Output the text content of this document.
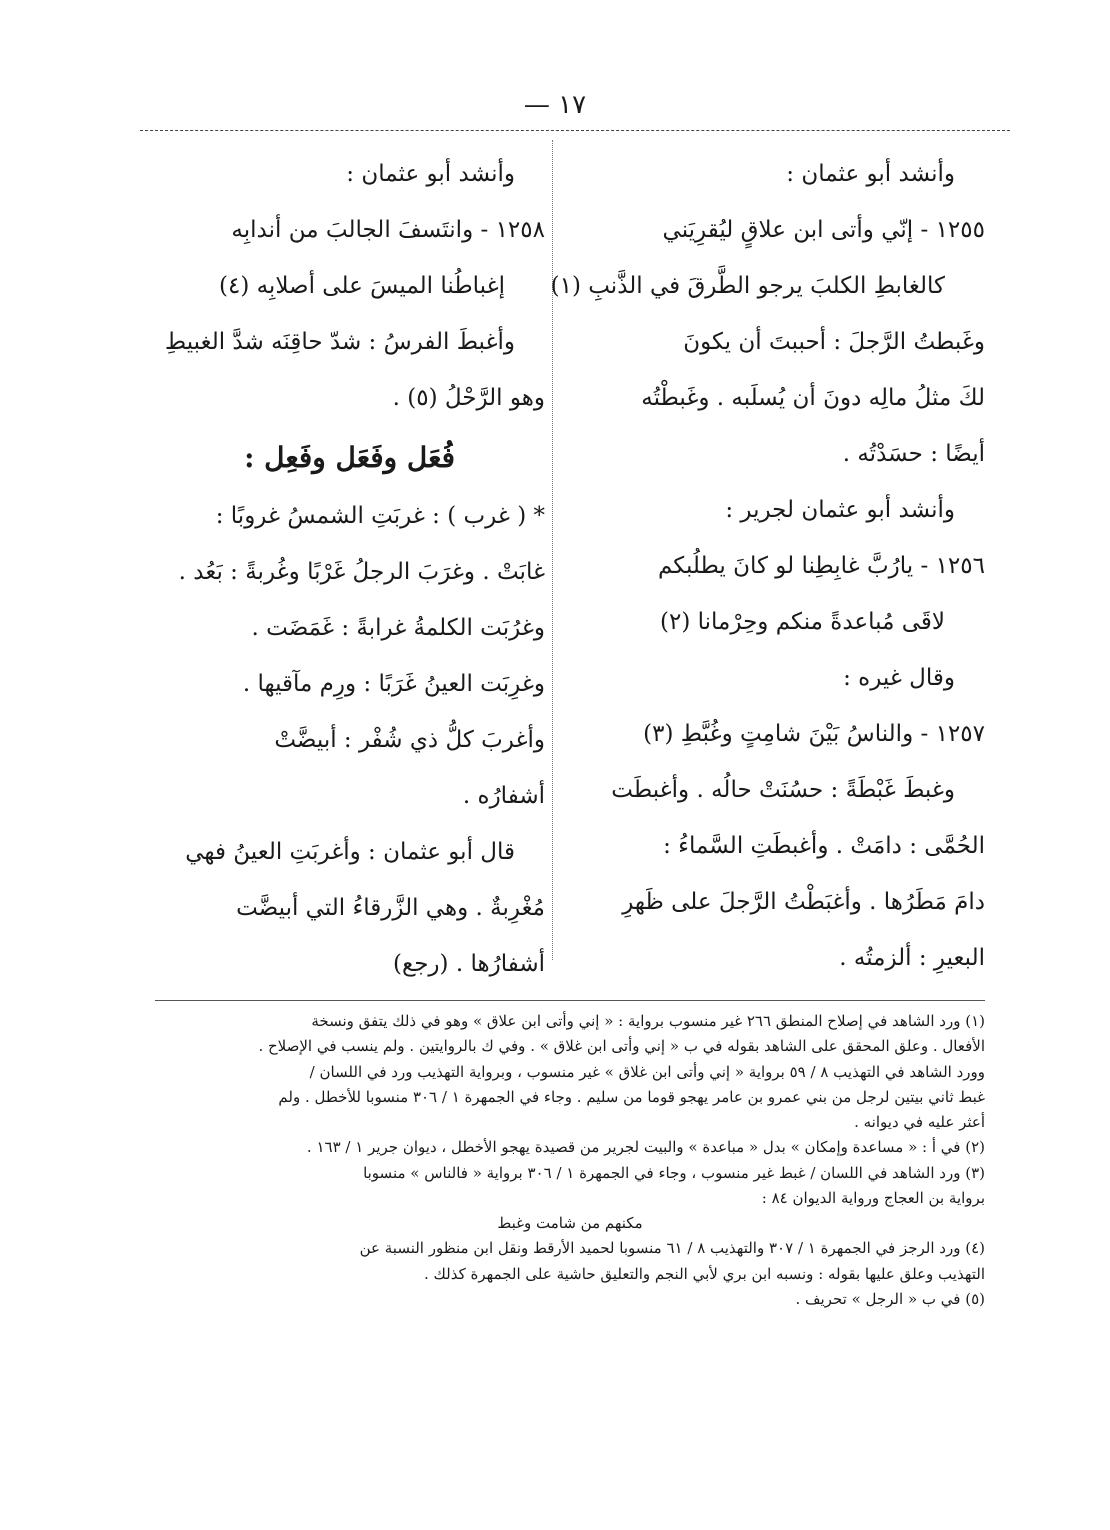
— ١٧
وأنشد أبو عثمان :
١٢٥٥ - إنّي وأتى ابن علاقٍ ليُقرِيَني
كالغابطِ الكلبَ يرجو الطَّرقَ في الذَّنبِ (١)
وغَبطتُ الرَّجلَ : أحببتَ أن يكونَ
لكَ مثلُ مالِه دونَ أن يُسلَبه . وغَبطْتُه
أيضًا : حسَدْتُه .
وأنشد أبو عثمان لجرير :
١٢٥٦ - يارُبَّ غابِطِنا لو كانَ يطلُبكم
لاقَى مُباعدةً منكم وحِرْمانا (٢)
وقال غيره :
١٢٥٧ - والناسُ بَيْنَ شامِتٍ وغُبَّطِ (٣)
وغبطَ غَبْطَةً : حسُنَتْ حالُه . وأغبطَت
الحُمَّى : دامَتْ . وأغبطَتِ السَّماءُ :
دامَ مَطَرُها . وأغبَطْتُ الرَّجلَ على ظَهرِ
البعيرِ : ألزمتُه .
وأنشد أبو عثمان :
١٢٥٨ - وانتَسفَ الجالبَ من أندابِه
إغباطُنا الميسَ على أصلابِه (٤)
وأغبطَ الفرسُ : شدّ حاقِنَه شدَّ الغبيطِ
وهو الرَّحْلُ (٥) .
فُعَل وفَعَل وفَعِل :
* ( غرب ) : غربَتِ الشمسُ غروبًا :
غابَتْ . وغرَبَ الرجلُ غَرْبًا وغُربةً : بَعُد .
وغرُبَت الكلمةُ غرابةً : غَمَضَت .
وغرِبَت العينُ غَرَبًا : ورِم مآقيها .
وأغربَ كلُّ ذي شُفْر : أبيضَّتْ
أشفارُه .
قال أبو عثمان : وأغربَتِ العينُ فهي
مُغْرِبةٌ . وهي الزَّرقاءُ التي أبيضَّت
أشفارُها . (رجع)
(١) ورد الشاهد في إصلاح المنطق ٢٦٦ غير منسوب برواية : « إني وأتى ابن علاق » وهو في ذلك يتفق ونسخة
الأفعال . وعلق المحقق على الشاهد بقوله في ب « إني وأتى ابن غلاق » . وفي ك بالروايتين . ولم ينسب في الإصلاح .
وورد الشاهد في التهذيب ٨ / ٥٩ برواية « إني وأتى ابن غلاق » غير منسوب ، وبرواية التهذيب ورد في اللسان /
غبط ثاني بيتين لرجل من بني عمرو بن عامر يهجو قوما من سليم . وجاء في الجمهرة ١ / ٣٠٦ منسوبا للأخطل . ولم
أعثر عليه في ديوانه .
(٢) في أ : « مساعدة وإمكان » بدل « مباعدة » والبيت لجرير من قصيدة يهجو الأخطل ، ديوان جرير ١ / ١٦٣ .
(٣) ورد الشاهد في اللسان / غبط غير منسوب ، وجاء في الجمهرة ١ / ٣٠٦ برواية « فالناس » منسوبا
برواية بن العجاج ورواية الديوان ٨٤ :
مكنهم من شامت وغبط
(٤) ورد الرجز في الجمهرة ١ / ٣٠٧ والتهذيب ٨ / ٦١ منسوبا لحميد الأرقط ونقل ابن منظور النسبة عن
التهذيب وعلق عليها بقوله : ونسبه ابن بري لأبي النجم والتعليق حاشية على الجمهرة كذلك .
(٥) في ب « الرجل » تحريف .
